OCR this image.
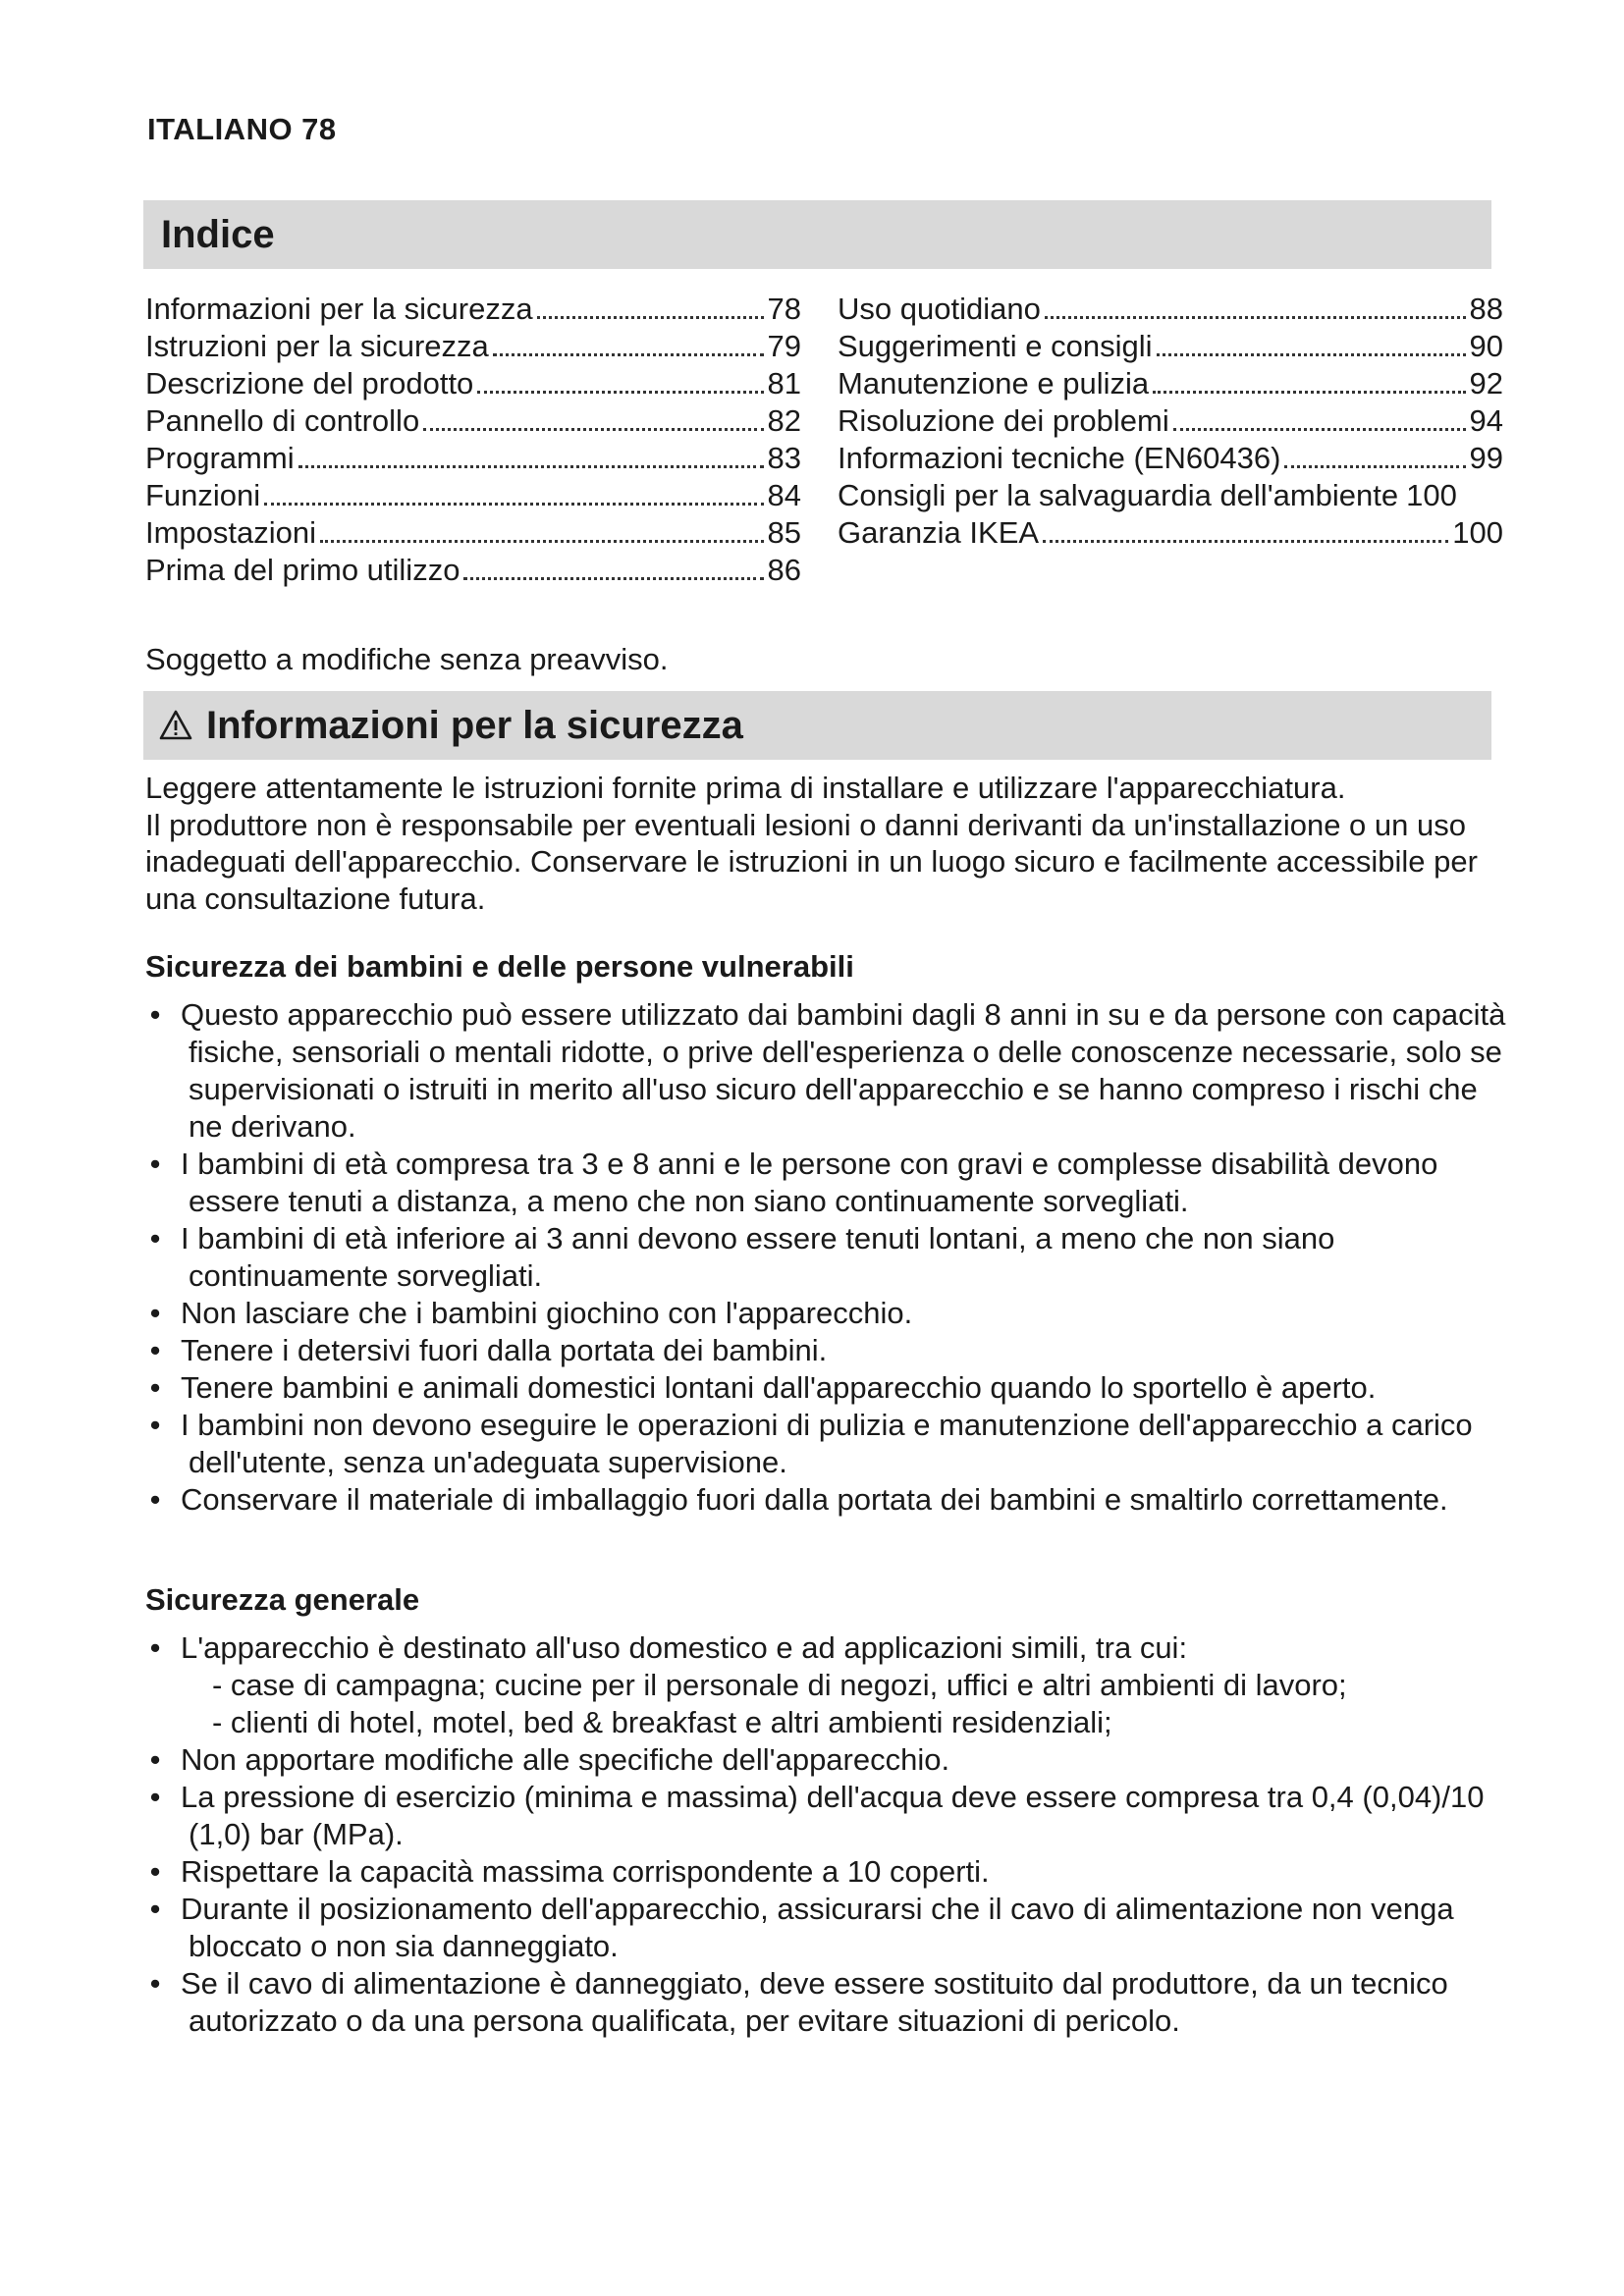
ITALIANO 78
Indice
Informazioni per la sicurezza	78
Istruzioni per la sicurezza	79
Descrizione del prodotto	81
Pannello di controllo	82
Programmi	83
Funzioni	84
Impostazioni	85
Prima del primo utilizzo	86
Uso quotidiano	88
Suggerimenti e consigli	90
Manutenzione e pulizia	92
Risoluzione dei problemi	94
Informazioni tecniche (EN60436)	99
Consigli per la salvaguardia dell'ambiente 100
Garanzia IKEA	100
Soggetto a modifiche senza preavviso.
Informazioni per la sicurezza

Leggere attentamente le istruzioni fornite prima di installare e utilizzare l'apparecchiatura.

Il produttore non è responsabile per eventuali lesioni o danni derivanti da un'installazione o un uso inadeguati dell'apparecchio. Conservare le istruzioni in un luogo sicuro e facilmente accessibile per una consultazione futura.

Sicurezza dei bambini e delle persone vulnerabili
• Questo apparecchio può essere utilizzato dai bambini dagli 8 anni in su e da persone con capacità fisiche, sensoriali o mentali ridotte, o prive dell'esperienza o delle conoscenze necessarie, solo se supervisionati o istruiti in merito all'uso sicuro dell'apparecchio e se hanno compreso i rischi che ne derivano.
• I bambini di età compresa tra 3 e 8 anni e le persone con gravi e complesse disabilità devono essere tenuti a distanza, a meno che non siano continuamente sorvegliati.
• I bambini di età inferiore ai 3 anni devono essere tenuti lontani, a meno che non siano continuamente sorvegliati.
• Non lasciare che i bambini giochino con l'apparecchio.
• Tenere i detersivi fuori dalla portata dei bambini.
• Tenere bambini e animali domestici lontani dall'apparecchio quando lo sportello è aperto.
• I bambini non devono eseguire le operazioni di pulizia e manutenzione dell'apparecchio a carico dell'utente, senza un'adeguata supervisione.
• Conservare il materiale di imballaggio fuori dalla portata dei bambini e smaltirlo correttamente.
Sicurezza generale
• L'apparecchio è destinato all'uso domestico e ad applicazioni simili, tra cui:
- case di campagna; cucine per il personale di negozi, uffici e altri ambienti di lavoro;
- clienti di hotel, motel, bed & breakfast e altri ambienti residenziali;
• Non apportare modifiche alle specifiche dell'apparecchio.
• La pressione di esercizio (minima e massima) dell'acqua deve essere compresa tra 0,4 (0,04)/10 (1,0) bar (MPa).
• Rispettare la capacità massima corrispondente a 10 coperti.
• Durante il posizionamento dell'apparecchio, assicurarsi che il cavo di alimentazione non venga bloccato o non sia danneggiato.
• Se il cavo di alimentazione è danneggiato, deve essere sostituito dal produttore, da un tecnico autorizzato o da una persona qualificata, per evitare situazioni di pericolo.
